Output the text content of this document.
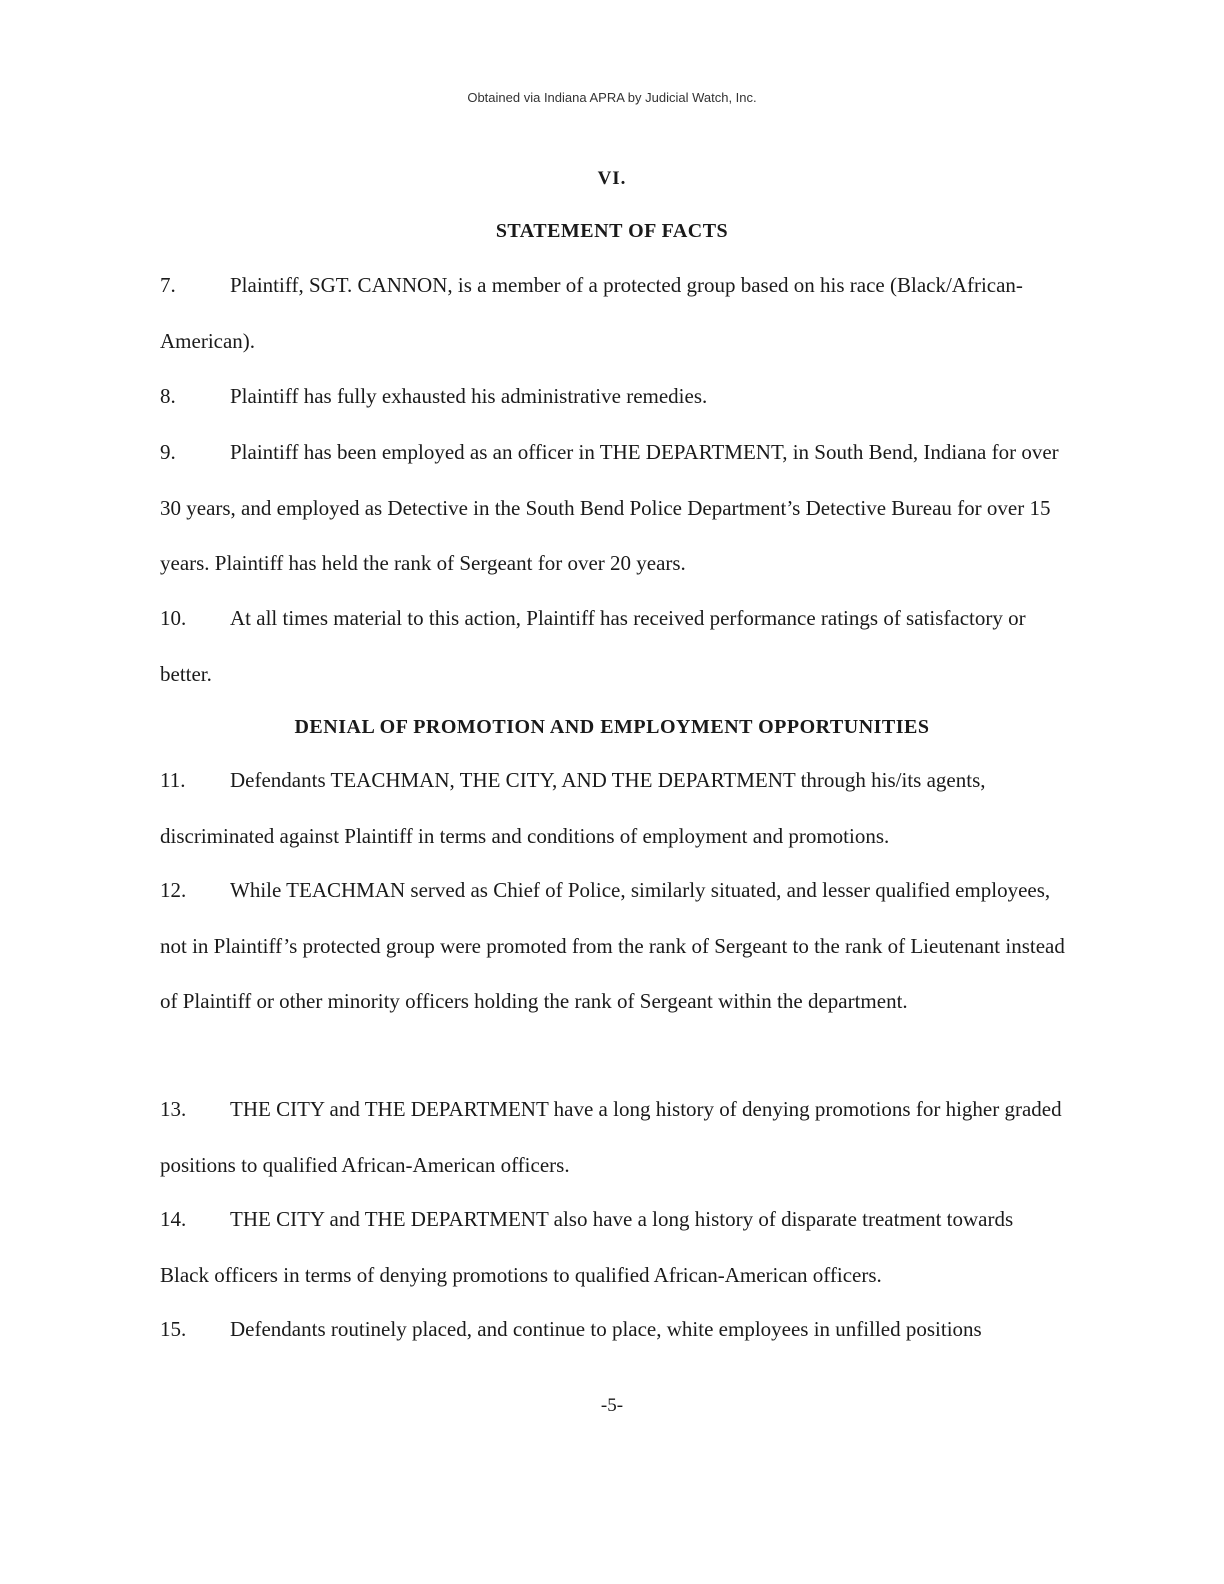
Obtained via Indiana APRA by Judicial Watch, Inc.
VI.
STATEMENT OF FACTS
7.	Plaintiff, SGT. CANNON, is a member of a protected group based on his race (Black/African-American).
8.	Plaintiff has fully exhausted his administrative remedies.
9.	Plaintiff has been employed as an officer in THE DEPARTMENT, in South Bend, Indiana for over 30 years, and employed as Detective in the South Bend Police Department’s Detective Bureau for over 15 years. Plaintiff has held the rank of Sergeant for over 20 years.
10. At all times material to this action, Plaintiff has received performance ratings of satisfactory or better.
DENIAL OF PROMOTION AND EMPLOYMENT OPPORTUNITIES
11. Defendants TEACHMAN, THE CITY, AND THE DEPARTMENT through his/its agents, discriminated against Plaintiff in terms and conditions of employment and promotions.
12. While TEACHMAN served as Chief of Police, similarly situated, and lesser qualified employees, not in Plaintiff’s protected group were promoted from the rank of Sergeant to the rank of Lieutenant instead of Plaintiff or other minority officers holding the rank of Sergeant within the department.
13. THE CITY and THE DEPARTMENT have a long history of denying promotions for higher graded positions to qualified African-American officers.
14. THE CITY and THE DEPARTMENT also have a long history of disparate treatment towards Black officers in terms of denying promotions to qualified African-American officers.
15. Defendants routinely placed, and continue to place, white employees in unfilled positions
-5-
